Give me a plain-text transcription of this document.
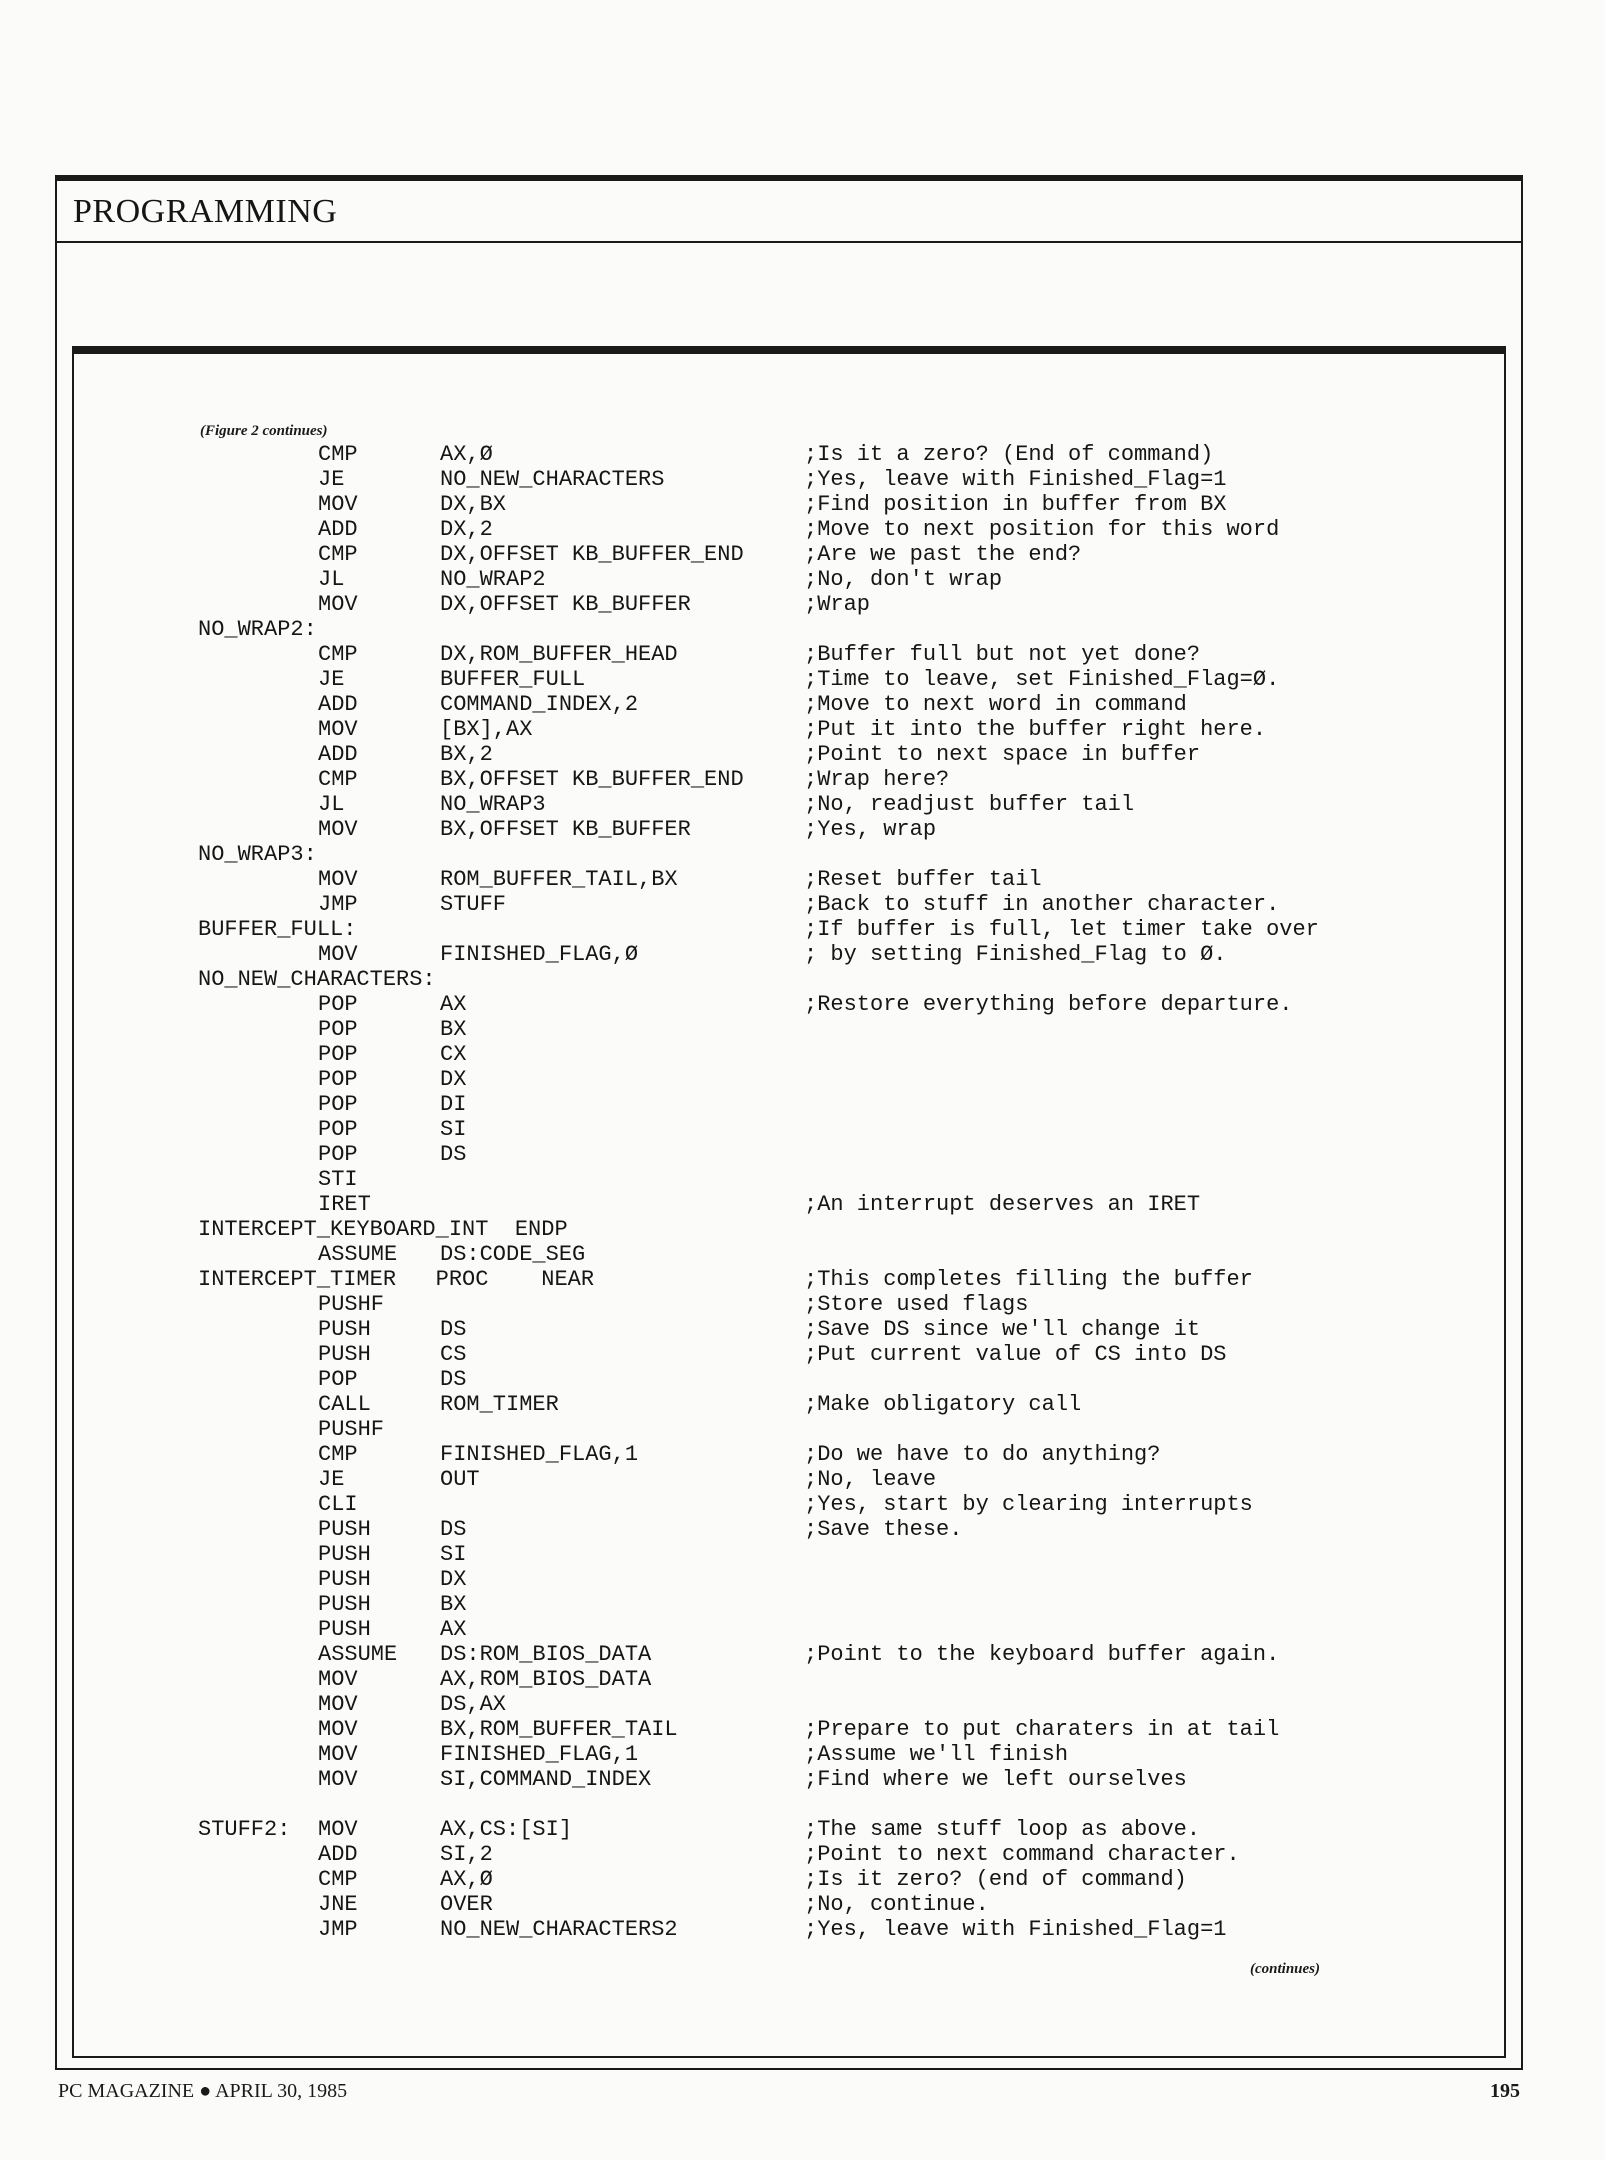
PROGRAMMING
(Figure 2 continues)
CMP	AX,Ø	;Is it a zero? (End of command)
JE	NO_NEW_CHARACTERS	;Yes, leave with Finished_Flag=1
MOV	DX,BX	;Find position in buffer from BX
ADD	DX,2	;Move to next position for this word
CMP	DX,OFFSET KB_BUFFER_END	;Are we past the end?
JL	NO_WRAP2	;No, don't wrap
MOV	DX,OFFSET KB_BUFFER	;Wrap
NO_WRAP2:
CMP	DX,ROM_BUFFER_HEAD	;Buffer full but not yet done?
JE	BUFFER_FULL	;Time to leave, set Finished_Flag=Ø.
ADD	COMMAND_INDEX,2	;Move to next word in command
MOV	[BX],AX	;Put it into the buffer right here.
ADD	BX,2	;Point to next space in buffer
CMP	BX,OFFSET KB_BUFFER_END	;Wrap here?
JL	NO_WRAP3	;No, readjust buffer tail
MOV	BX,OFFSET KB_BUFFER	;Yes, wrap
NO_WRAP3:
MOV	ROM_BUFFER_TAIL,BX	;Reset buffer tail
JMP	STUFF	;Back to stuff in another character.
BUFFER_FULL:	;If buffer is full, let timer take over
MOV	FINISHED_FLAG,Ø	; by setting Finished_Flag to Ø.
NO_NEW_CHARACTERS:
POP	AX	;Restore everything before departure.
POP	BX
POP	CX
POP	DX
POP	DI
POP	SI
POP	DS
STI
IRET	;An interrupt deserves an IRET
INTERCEPT_KEYBOARD_INT  ENDP
ASSUME DS:CODE_SEG
INTERCEPT_TIMER   PROC    NEAR	;This completes filling the buffer
PUSHF	;Store used flags
PUSH	DS	;Save DS since we'll change it
PUSH	CS	;Put current value of CS into DS
POP	DS
CALL	ROM_TIMER	;Make obligatory call
PUSHF
CMP	FINISHED_FLAG,1	;Do we have to do anything?
JE	OUT	;No, leave
CLI	;Yes, start by clearing interrupts
PUSH	DS	;Save these.
PUSH	SI
PUSH	DX
PUSH	BX
PUSH	AX
ASSUME DS:ROM_BIOS_DATA	;Point to the keyboard buffer again.
MOV	AX,ROM_BIOS_DATA
MOV	DS,AX
MOV	BX,ROM_BUFFER_TAIL	;Prepare to put charaters in at tail
MOV	FINISHED_FLAG,1	;Assume we'll finish
MOV	SI,COMMAND_INDEX	;Find where we left ourselves
STUFF2: MOV	AX,CS:[SI]	;The same stuff loop as above.
ADD	SI,2	;Point to next command character.
CMP	AX,Ø	;Is it zero? (end of command)
JNE	OVER	;No, continue.
JMP	NO_NEW_CHARACTERS2	;Yes, leave with Finished_Flag=1
(continues)
PC MAGAZINE ● APRIL 30, 1985	195
